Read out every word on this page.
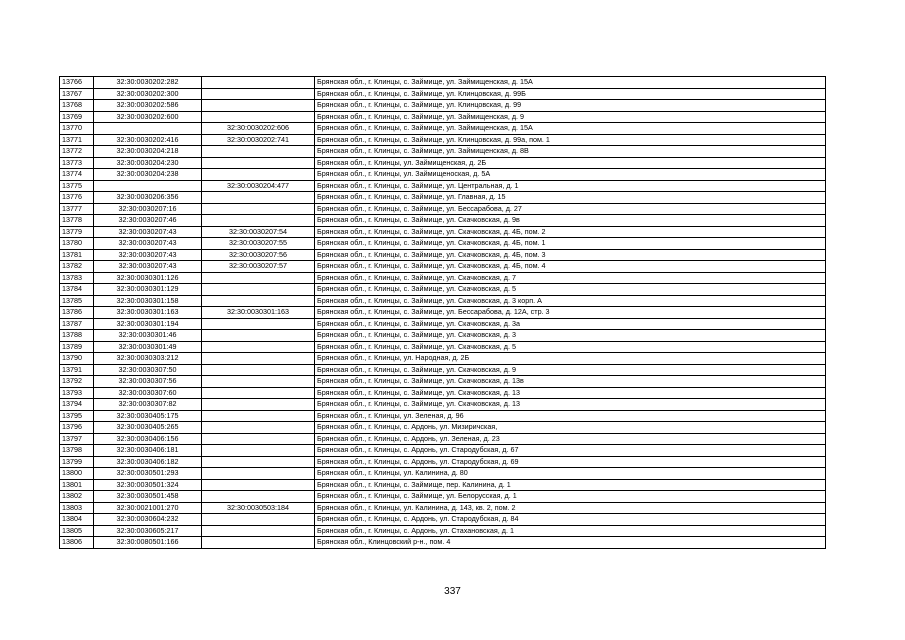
13766	32:30:0030202:282		Брянская обл., г. Клинцы, с. Займище, ул. Займищенская, д. 15А
13767	32:30:0030202:300		Брянская обл., г. Клинцы, с. Займище, ул. Клинцовская, д. 99Б
13768	32:30:0030202:586		Брянская обл., г. Клинцы, с. Займище, ул. Клинцовская, д. 99
13769	32:30:0030202:600		Брянская обл., г. Клинцы, с. Займище, ул. Займищенская, д. 9
13770		32:30:0030202:606	Брянская обл., г. Клинцы, с. Займище, ул. Займищенская, д. 15А
13771	32:30:0030202:416	32:30:0030202:741	Брянская обл., г. Клинцы, с. Займище, ул. Клинцовская, д. 99а, пом. 1
13772	32:30:0030204:218		Брянская обл., г. Клинцы, с. Займище, ул. Займищенская, д. 8В
13773	32:30:0030204:230		Брянская обл., г. Клинцы, ул. Займищенская, д. 2Б
13774	32:30:0030204:238		Брянская обл., г. Клинцы, ул. Займищеноская, д. 5А
13775		32:30:0030204:477	Брянская обл., г. Клинцы, с. Займище, ул. Центральная, д. 1
13776	32:30:0030206:356		Брянская обл., г. Клинцы, с. Займище, ул. Главная, д. 15
13777	32:30:0030207:16		Брянская обл., г. Клинцы, с. Займище, ул. Бессарабова, д. 27
13778	32:30:0030207:46		Брянская обл., г. Клинцы, с. Займище, ул. Скачковская, д. 9в
13779	32:30:0030207:43	32:30:0030207:54	Брянская обл., г. Клинцы, с. Займище, ул. Скачковская, д. 4Б, пом. 2
13780	32:30:0030207:43	32:30:0030207:55	Брянская обл., г. Клинцы, с. Займище, ул. Скачковская, д. 4Б, пом. 1
13781	32:30:0030207:43	32:30:0030207:56	Брянская обл., г. Клинцы, с. Займище, ул. Скачковская, д. 4Б, пом. 3
13782	32:30:0030207:43	32:30:0030207:57	Брянская обл., г. Клинцы, с. Займище, ул. Скачковская, д. 4Б, пом. 4
13783	32:30:0030301:126		Брянская обл., г. Клинцы, с. Займище, ул. Скачковская, д. 7
13784	32:30:0030301:129		Брянская обл., г. Клинцы, с. Займище, ул. Скачковская, д. 5
13785	32:30:0030301:158		Брянская обл., г. Клинцы, с. Займище, ул. Скачковская, д. 3 корп. А
13786	32:30:0030301:163	32:30:0030301:163	Брянская обл., г. Клинцы, с. Займище, ул. Бессарабова, д. 12А, стр. 3
13787	32:30:0030301:194		Брянская обл., г. Клинцы, с. Займище, ул. Скачковская, д. 3а
13788	32:30:0030301:46		Брянская обл., г. Клинцы, с. Займище, ул. Скачковская, д. 3
13789	32:30:0030301:49		Брянская обл., г. Клинцы, с. Займище, ул. Скачковская, д. 5
13790	32:30:0030303:212		Брянская обл., г. Клинцы, ул. Народная, д. 2Б
13791	32:30:0030307:50		Брянская обл., г. Клинцы, с. Займище, ул. Скачковская, д. 9
13792	32:30:0030307:56		Брянская обл., г. Клинцы, с. Займище, ул. Скачковская, д. 13в
13793	32:30:0030307:60		Брянская обл., г. Клинцы, с. Займище, ул. Скачковская, д. 13
13794	32:30:0030307:82		Брянская обл., г. Клинцы, с. Займище, ул. Скачковская, д. 13
13795	32:30:0030405:175		Брянская обл., г. Клинцы, ул. Зеленая, д. 96
13796	32:30:0030405:265		Брянская обл., г. Клинцы, с. Ардонь, ул. Мизиричская,
13797	32:30:0030406:156		Брянская обл., г. Клинцы, с. Ардонь, ул. Зеленая, д. 23
13798	32:30:0030406:181		Брянская обл., г. Клинцы, с. Ардонь, ул. Стародубская, д. 67
13799	32:30:0030406:182		Брянская обл., г. Клинцы, с. Ардонь, ул. Стародубская, д. 69
13800	32:30:0030501:293		Брянская обл., г. Клинцы, ул. Калинина, д. 80
13801	32:30:0030501:324		Брянская обл., г. Клинцы, с. Займище, пер. Калинина, д. 1
13802	32:30:0030501:458		Брянская обл., г. Клинцы, с. Займище, ул. Белорусская, д. 1
13803	32:30:0021001:270	32:30:0030503:184	Брянская обл., г. Клинцы, ул. Калинина, д. 143, кв. 2, пом. 2
13804	32:30:0030604:232		Брянская обл., г. Клинцы, с. Ардонь, ул. Стародубская, д. 84
13805	32:30:0030605:217		Брянская обл., г. Клинцы, с. Ардонь, ул. Стахановская, д. 1
13806	32:30:0080501:166		Брянская обл., Клинцовский р-н., пом. 4
337
